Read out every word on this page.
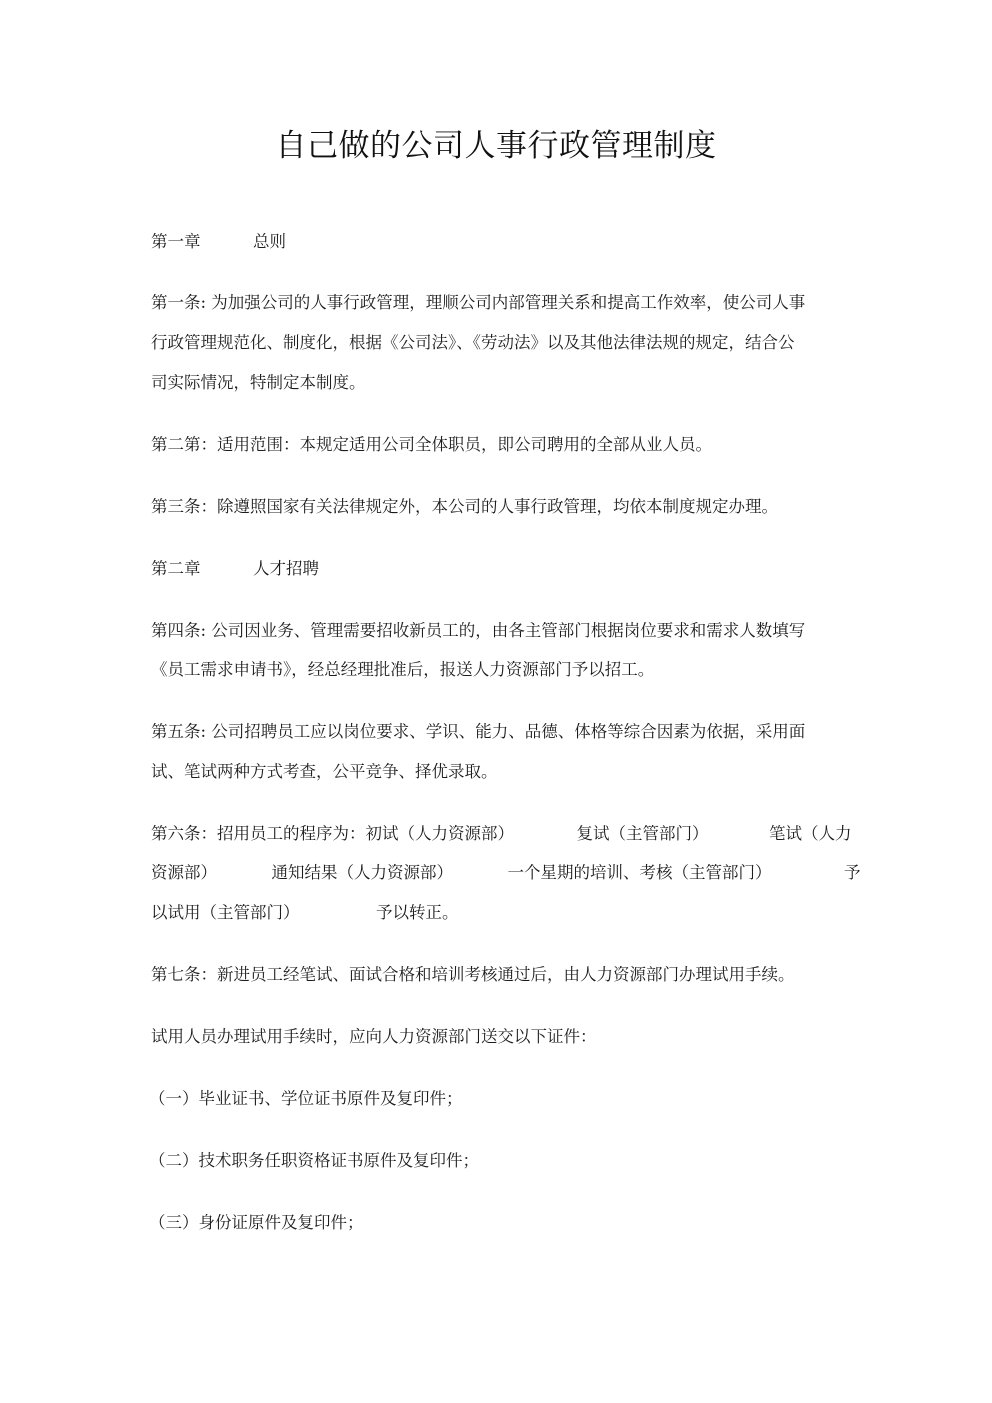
自己做的公司人事行政管理制度
第一章	总则
第一条: 为加强公司的人事行政管理，理顺公司内部管理关系和提高工作效率，使公司人事
行政管理规范化、制度化，根据《公司法》、《劳动法》以及其他法律法规的规定，结合公
司实际情况，特制定本制度。
第二第：适用范围：本规定适用公司全体职员，即公司聘用的全部从业人员。
第三条：除遵照国家有关法律规定外，本公司的人事行政管理，均依本制度规定办理。
第二章	人才招聘
第四条: 公司因业务、管理需要招收新员工的，由各主管部门根据岗位要求和需求人数填写
《员工需求申请书》，经总经理批准后，报送人力资源部门予以招工。
第五条: 公司招聘员工应以岗位要求、学识、能力、品德、体格等综合因素为依据，采用面
试、笔试两种方式考查，公平竞争、择优录取。
第六条：招用员工的程序为：初试（人力资源部）	复试（主管部门）	笔试（人力
资源部）	通知结果（人力资源部）	一个星期的培训、考核（主管部门）	予
以试用（主管部门）	予以转正。
第七条：新进员工经笔试、面试合格和培训考核通过后，由人力资源部门办理试用手续。
试用人员办理试用手续时，应向人力资源部门送交以下证件：
（一）毕业证书、学位证书原件及复印件；
（二）技术职务任职资格证书原件及复印件；
（三）身份证原件及复印件；
